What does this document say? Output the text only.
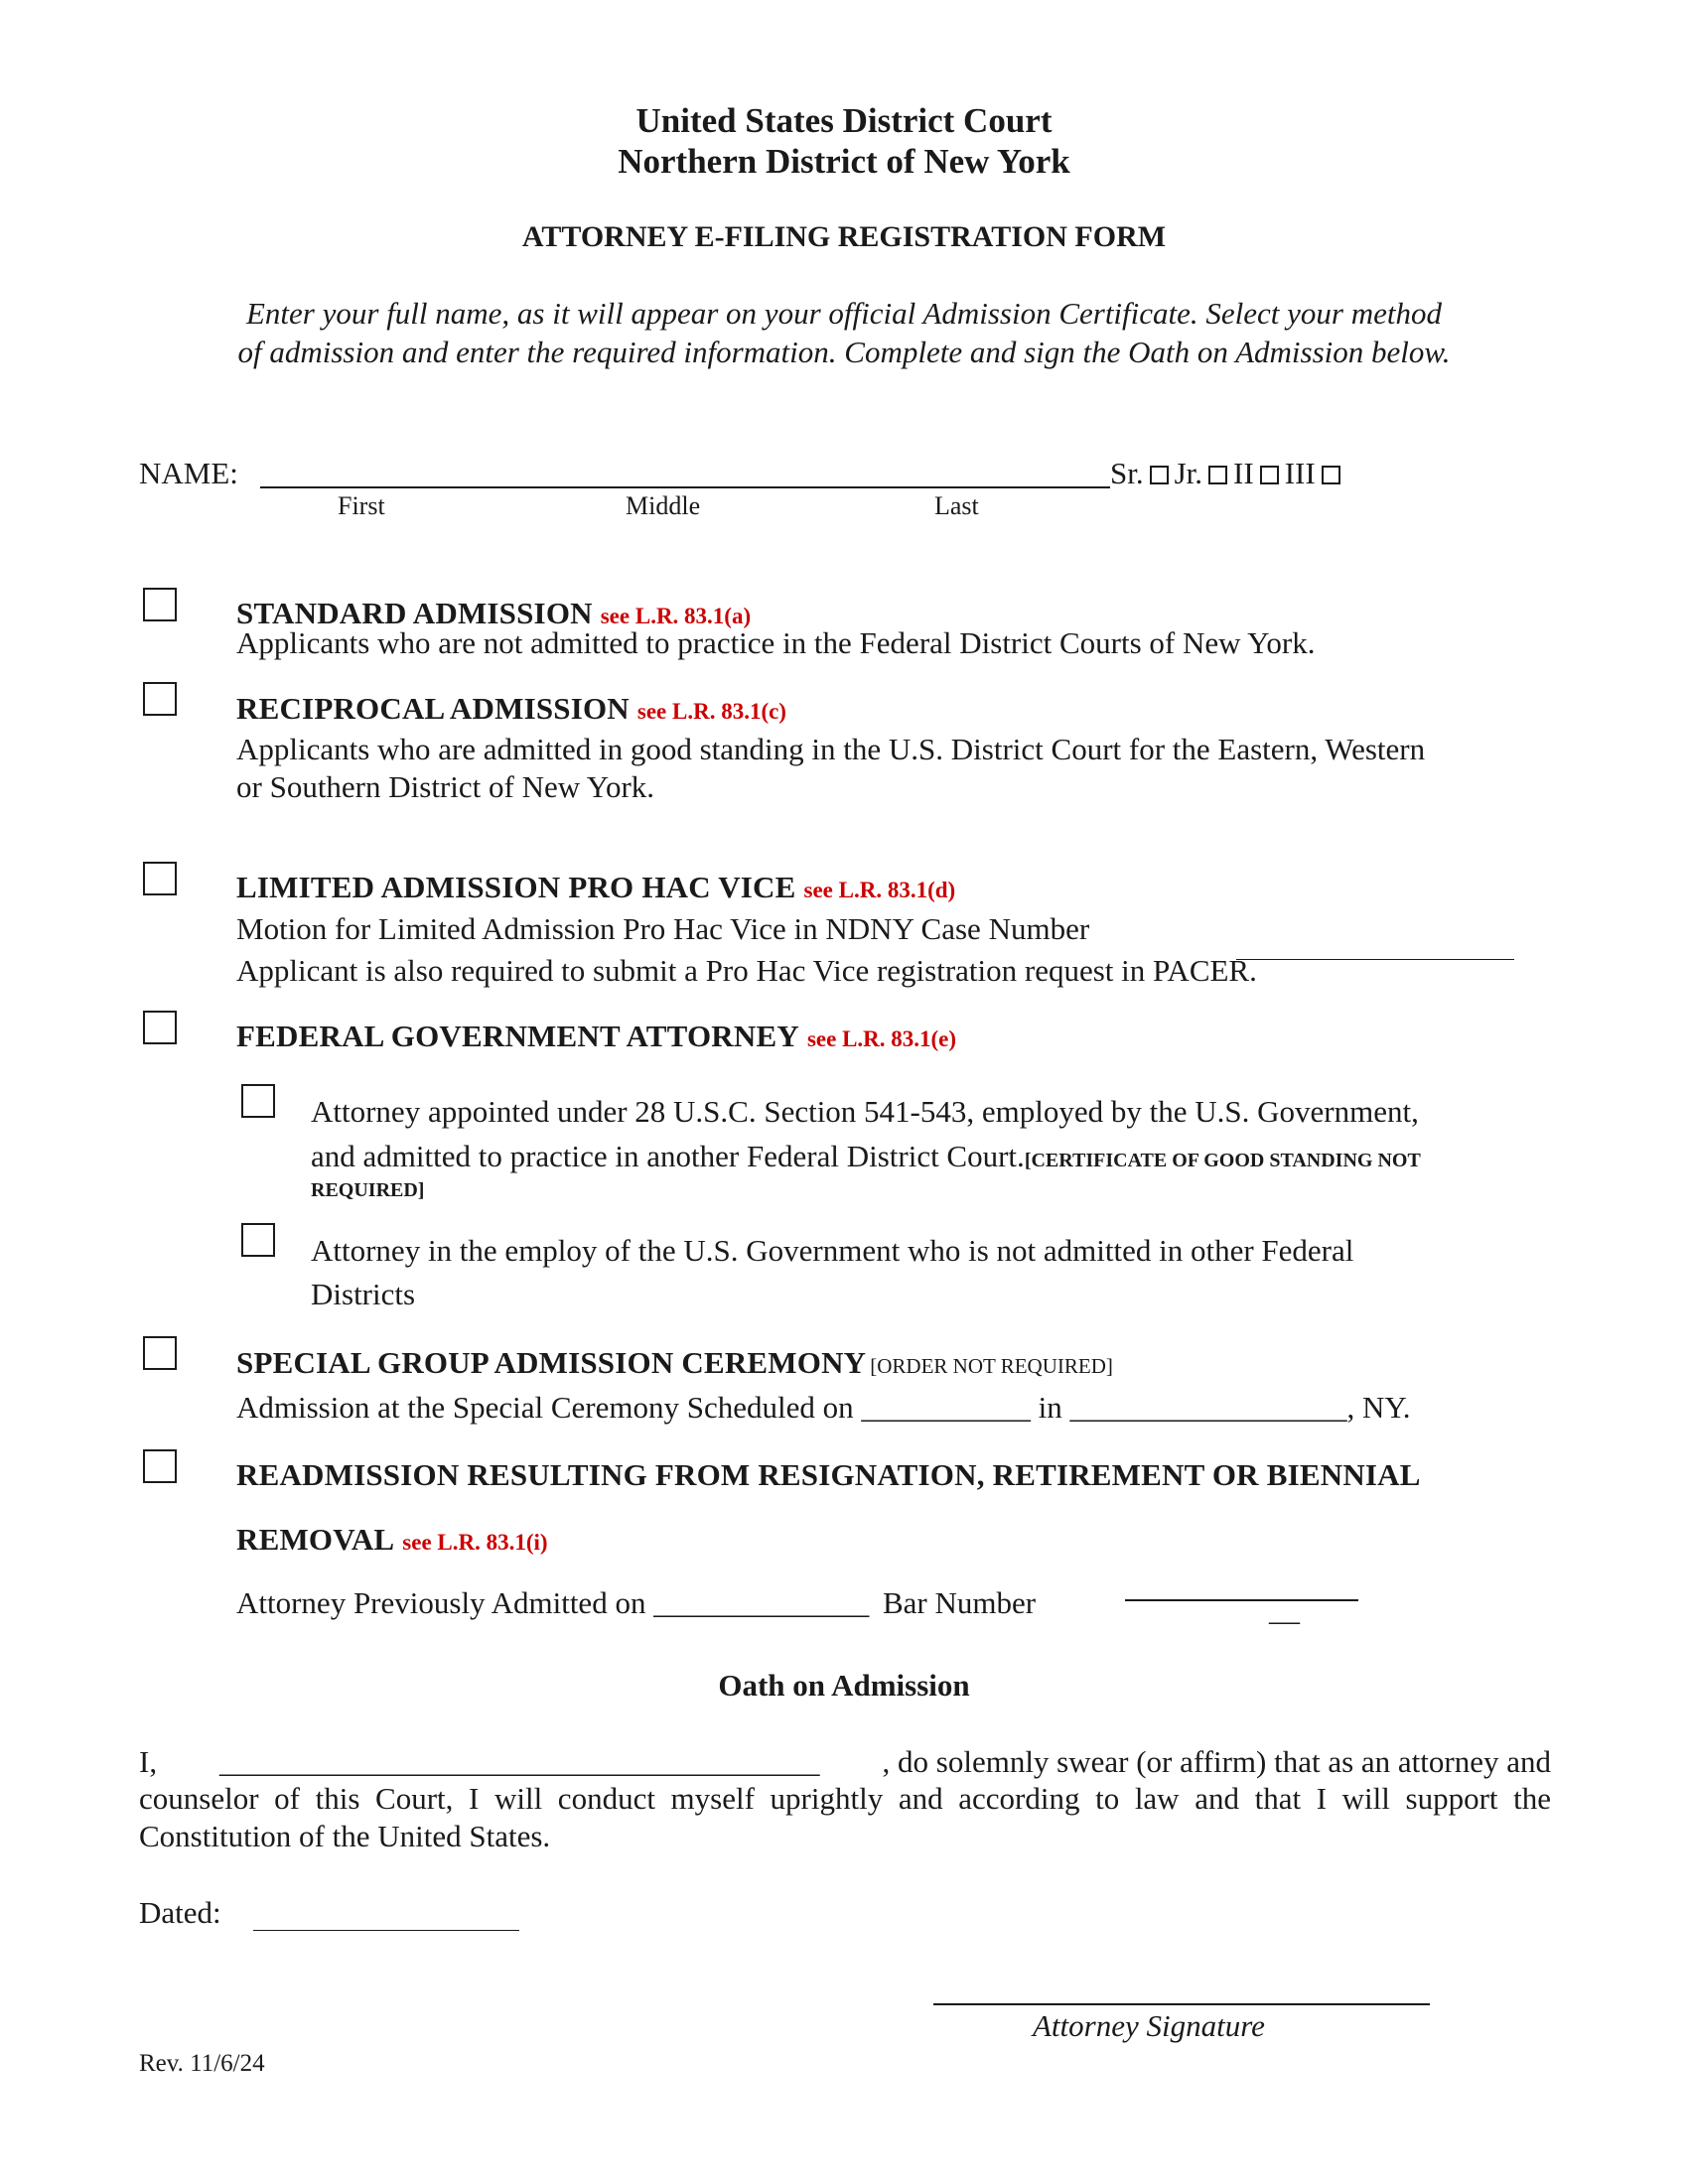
United States District Court
Northern District of New York
ATTORNEY E-FILING REGISTRATION FORM
Enter your full name, as it will appear on your official Admission Certificate. Select your method
of admission and enter the required information. Complete and sign the Oath on Admission below.
NAME:	Sr. Jr. II III
First	Middle	Last
STANDARD ADMISSION see L.R. 83.1(a)
Applicants who are not admitted to practice in the Federal District Courts of New York.
RECIPROCAL ADMISSION see L.R. 83.1(c)
Applicants who are admitted in good standing in the U.S. District Court for the Eastern, Western
or Southern District of New York.
LIMITED ADMISSION PRO HAC VICE see L.R. 83.1(d)
Motion for Limited Admission Pro Hac Vice in NDNY Case Number
Applicant is also required to submit a Pro Hac Vice registration request in PACER.
FEDERAL GOVERNMENT ATTORNEY see L.R. 83.1(e)
Attorney appointed under 28 U.S.C. Section 541-543, employed by the U.S. Government,
and admitted to practice in another Federal District Court.[CERTIFICATE OF GOOD STANDING NOT
REQUIRED]
Attorney in the employ of the U.S. Government who is not admitted in other Federal
Districts
SPECIAL GROUP ADMISSION CEREMONY [ORDER NOT REQUIRED]
Admission at the Special Ceremony Scheduled on ___________ in __________________, NY.
READMISSION RESULTING FROM RESIGNATION, RETIREMENT OR BIENNIAL
REMOVAL see L.R. 83.1(i)
Attorney Previously Admitted on ______________ Bar Number	__
Oath on Admission
I, _______________________________________ , do solemnly swear (or affirm) that as an attorney and
counselor of this Court, I will conduct myself uprightly and according to law and that I will support the
Constitution of the United States.
Dated:
Attorney Signature
Rev. 11/6/24
